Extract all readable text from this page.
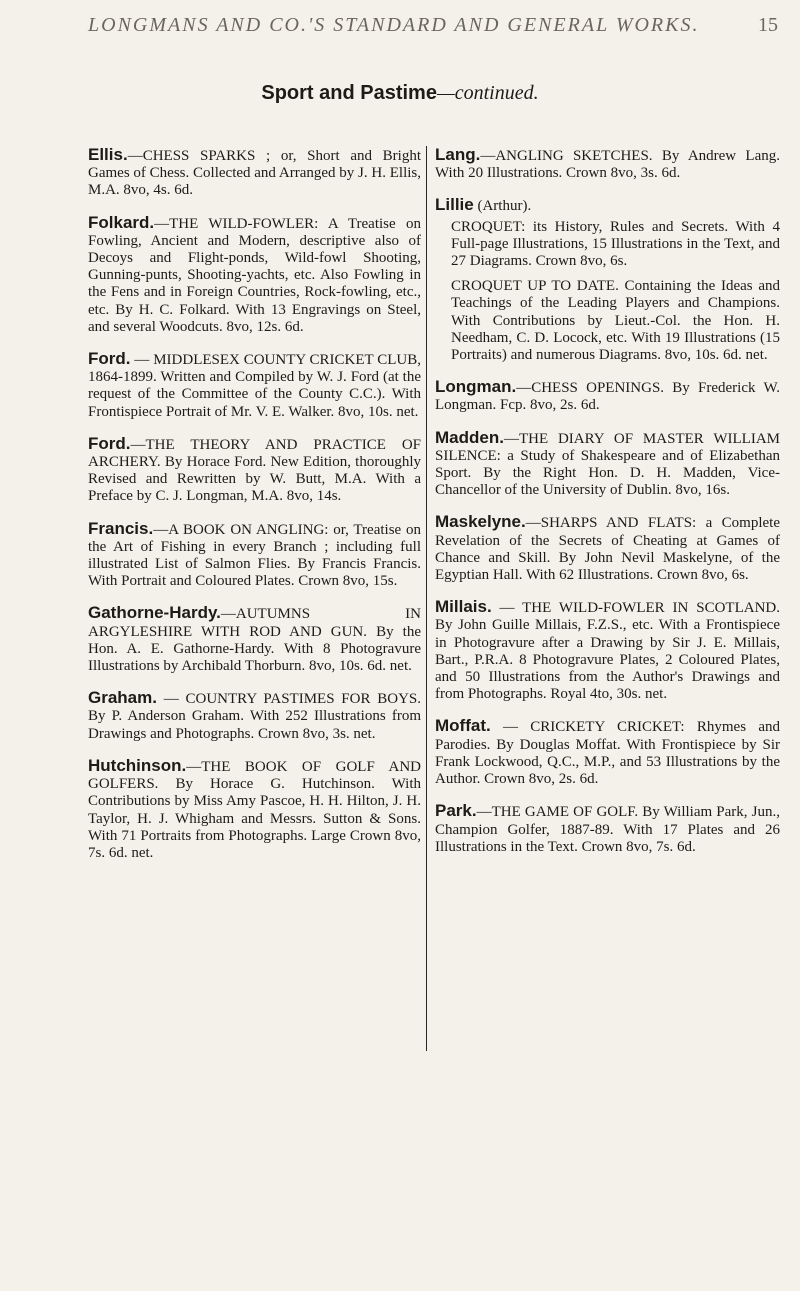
LONGMANS AND CO.'S STANDARD AND GENERAL WORKS.	15
Sport and Pastime—continued.

Ellis.—CHESS SPARKS ; or, Short and Bright Games of Chess. Collected and Arranged by J. H. Ellis, M.A. 8vo, 4s. 6d.

Folkard.—THE WILD-FOWLER: A Treatise on Fowling, Ancient and Modern, descriptive also of Decoys and Flight-ponds, Wild-fowl Shooting, Gunning-punts, Shooting-yachts, etc. Also Fowling in the Fens and in Foreign Countries, Rock-fowling, etc., etc. By H. C. Folkard. With 13 Engravings on Steel, and several Woodcuts. 8vo, 12s. 6d.

Ford. — MIDDLESEX COUNTY CRICKET CLUB, 1864-1899. Written and Compiled by W. J. Ford (at the request of the Committee of the County C.C.). With Frontispiece Portrait of Mr. V. E. Walker. 8vo, 10s. net.

Ford.—THE THEORY AND PRACTICE OF ARCHERY. By Horace Ford. New Edition, thoroughly Revised and Rewritten by W. Butt, M.A. With a Preface by C. J. Longman, M.A. 8vo, 14s.

Francis.—A BOOK ON ANGLING: or, Treatise on the Art of Fishing in every Branch ; including full illustrated List of Salmon Flies. By Francis Francis. With Portrait and Coloured Plates. Crown 8vo, 15s.

Gathorne-Hardy.—AUTUMNS IN ARGYLESHIRE WITH ROD AND GUN. By the Hon. A. E. Gathorne-Hardy. With 8 Photogravure Illustrations by Archibald Thorburn. 8vo, 10s. 6d. net.

Graham. — COUNTRY PASTIMES FOR BOYS. By P. Anderson Graham. With 252 Illustrations from Drawings and Photographs. Crown 8vo, 3s. net.

Hutchinson.—THE BOOK OF GOLF AND GOLFERS. By Horace G. Hutchinson. With Contributions by Miss Amy Pascoe, H. H. Hilton, J. H. Taylor, H. J. Whigham and Messrs. Sutton & Sons. With 71 Portraits from Photographs. Large Crown 8vo, 7s. 6d. net.

Lang.—ANGLING SKETCHES. By Andrew Lang. With 20 Illustrations. Crown 8vo, 3s. 6d.

Lillie (Arthur).
CROQUET: its History, Rules and Secrets. With 4 Full-page Illustrations, 15 Illustrations in the Text, and 27 Diagrams. Crown 8vo, 6s.
CROQUET UP TO DATE. Containing the Ideas and Teachings of the Leading Players and Champions. With Contributions by Lieut.-Col. the Hon. H. Needham, C. D. Locock, etc. With 19 Illustrations (15 Portraits) and numerous Diagrams. 8vo, 10s. 6d. net.

Longman.—CHESS OPENINGS. By Frederick W. Longman. Fcp. 8vo, 2s. 6d.

Madden.—THE DIARY OF MASTER WILLIAM SILENCE: a Study of Shakespeare and of Elizabethan Sport. By the Right Hon. D. H. Madden, Vice-Chancellor of the University of Dublin. 8vo, 16s.

Maskelyne.—SHARPS AND FLATS: a Complete Revelation of the Secrets of Cheating at Games of Chance and Skill. By John Nevil Maskelyne, of the Egyptian Hall. With 62 Illustrations. Crown 8vo, 6s.

Millais. — THE WILD-FOWLER IN SCOTLAND. By John Guille Millais, F.Z.S., etc. With a Frontispiece in Photogravure after a Drawing by Sir J. E. Millais, Bart., P.R.A. 8 Photogravure Plates, 2 Coloured Plates, and 50 Illustrations from the Author's Drawings and from Photographs. Royal 4to, 30s. net.

Moffat. — CRICKETY CRICKET: Rhymes and Parodies. By Douglas Moffat. With Frontispiece by Sir Frank Lockwood, Q.C., M.P., and 53 Illustrations by the Author. Crown 8vo, 2s. 6d.

Park.—THE GAME OF GOLF. By William Park, Jun., Champion Golfer, 1887-89. With 17 Plates and 26 Illustrations in the Text. Crown 8vo, 7s. 6d.
